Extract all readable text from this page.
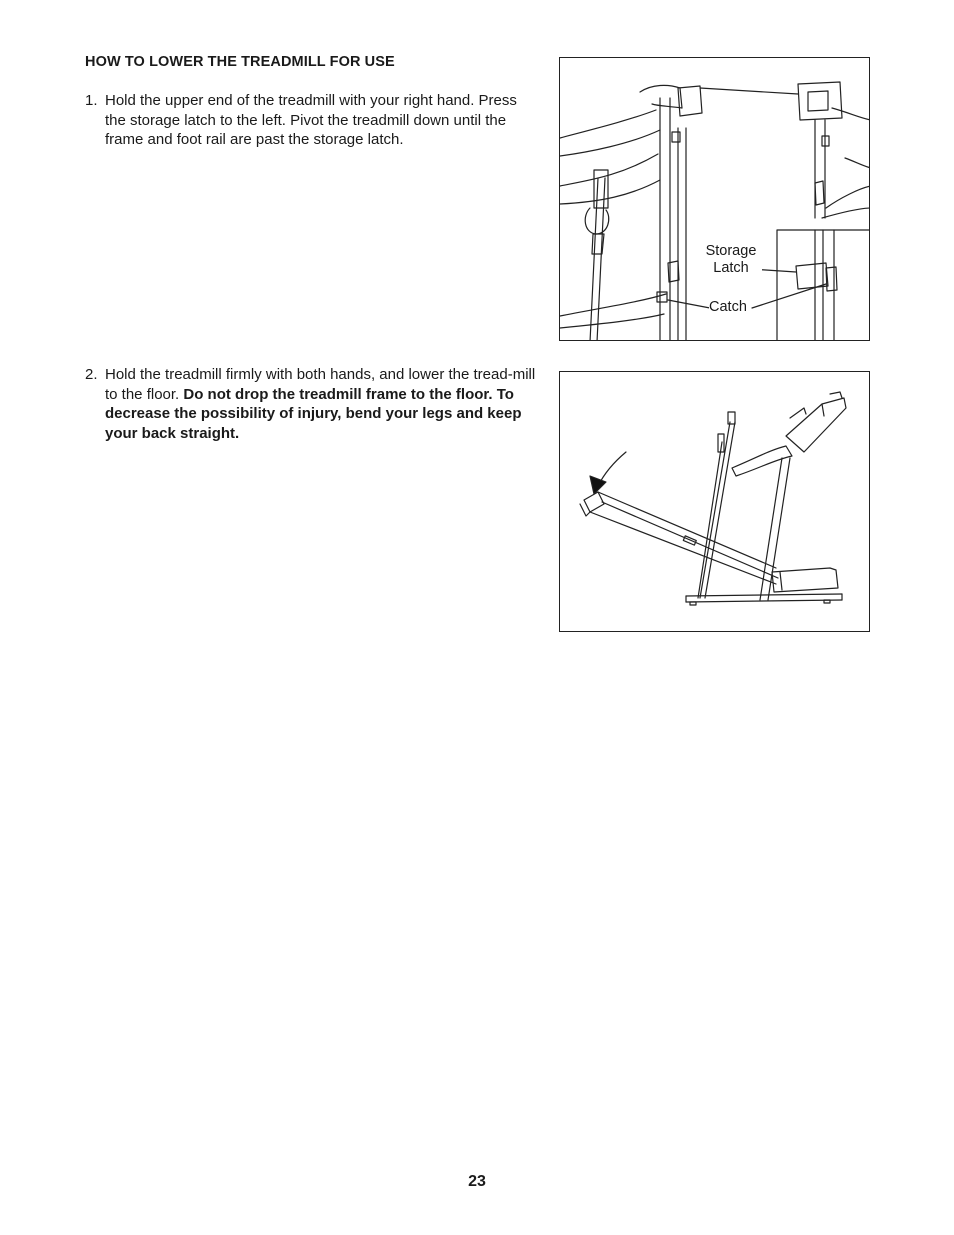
HOW TO LOWER THE TREADMILL FOR USE
1. Hold the upper end of the treadmill with your right hand. Press the storage latch to the left. Pivot the treadmill down until the frame and foot rail are past the storage latch.
2. Hold the treadmill firmly with both hands, and lower the tread-mill to the floor. Do not drop the treadmill frame to the floor. To decrease the possibility of injury, bend your legs and keep your back straight.
Storage
Latch
Catch
23
